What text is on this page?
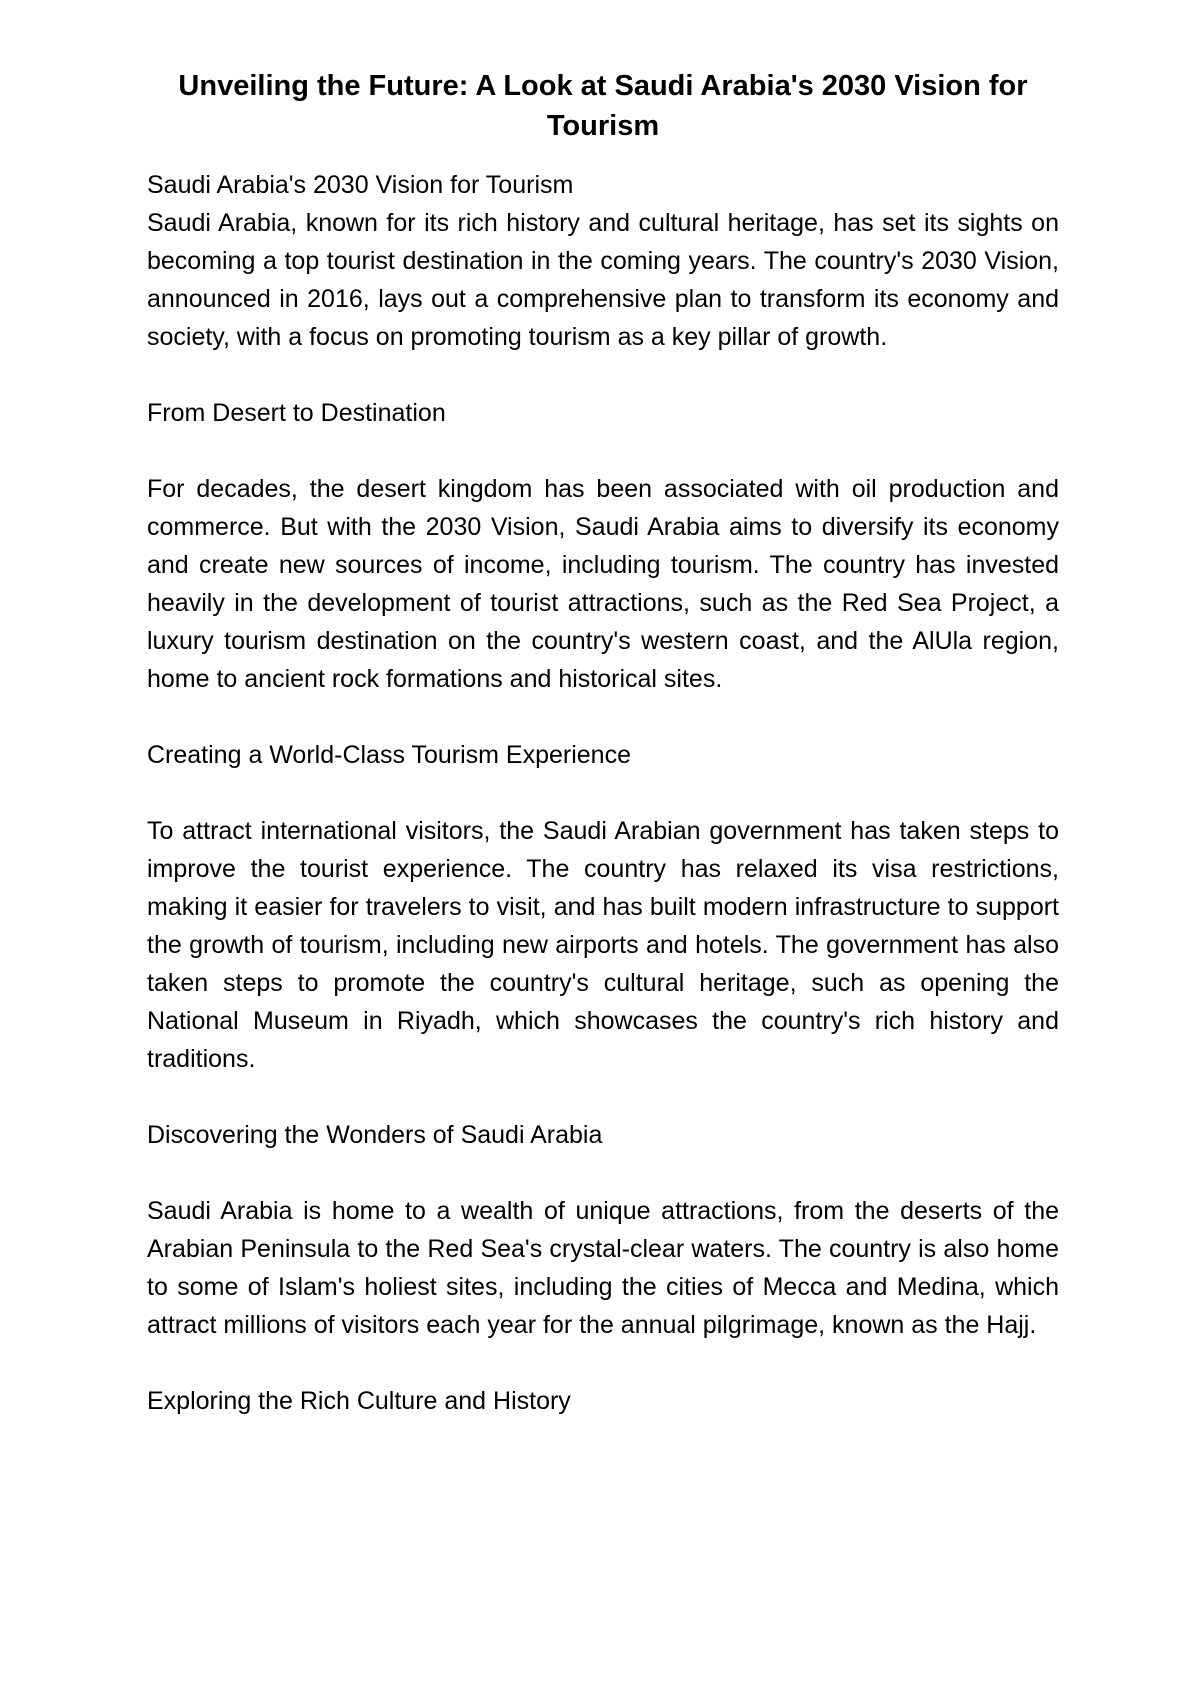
Unveiling the Future: A Look at Saudi Arabia's 2030 Vision for Tourism

Saudi Arabia's 2030 Vision for Tourism

Saudi Arabia, known for its rich history and cultural heritage, has set its sights on becoming a top tourist destination in the coming years. The country's 2030 Vision, announced in 2016, lays out a comprehensive plan to transform its economy and society, with a focus on promoting tourism as a key pillar of growth.

From Desert to Destination

For decades, the desert kingdom has been associated with oil production and commerce. But with the 2030 Vision, Saudi Arabia aims to diversify its economy and create new sources of income, including tourism. The country has invested heavily in the development of tourist attractions, such as the Red Sea Project, a luxury tourism destination on the country's western coast, and the AlUla region, home to ancient rock formations and historical sites.

Creating a World-Class Tourism Experience

To attract international visitors, the Saudi Arabian government has taken steps to improve the tourist experience. The country has relaxed its visa restrictions, making it easier for travelers to visit, and has built modern infrastructure to support the growth of tourism, including new airports and hotels. The government has also taken steps to promote the country's cultural heritage, such as opening the National Museum in Riyadh, which showcases the country's rich history and traditions.

Discovering the Wonders of Saudi Arabia

Saudi Arabia is home to a wealth of unique attractions, from the deserts of the Arabian Peninsula to the Red Sea's crystal-clear waters. The country is also home to some of Islam's holiest sites, including the cities of Mecca and Medina, which attract millions of visitors each year for the annual pilgrimage, known as the Hajj.

Exploring the Rich Culture and History
